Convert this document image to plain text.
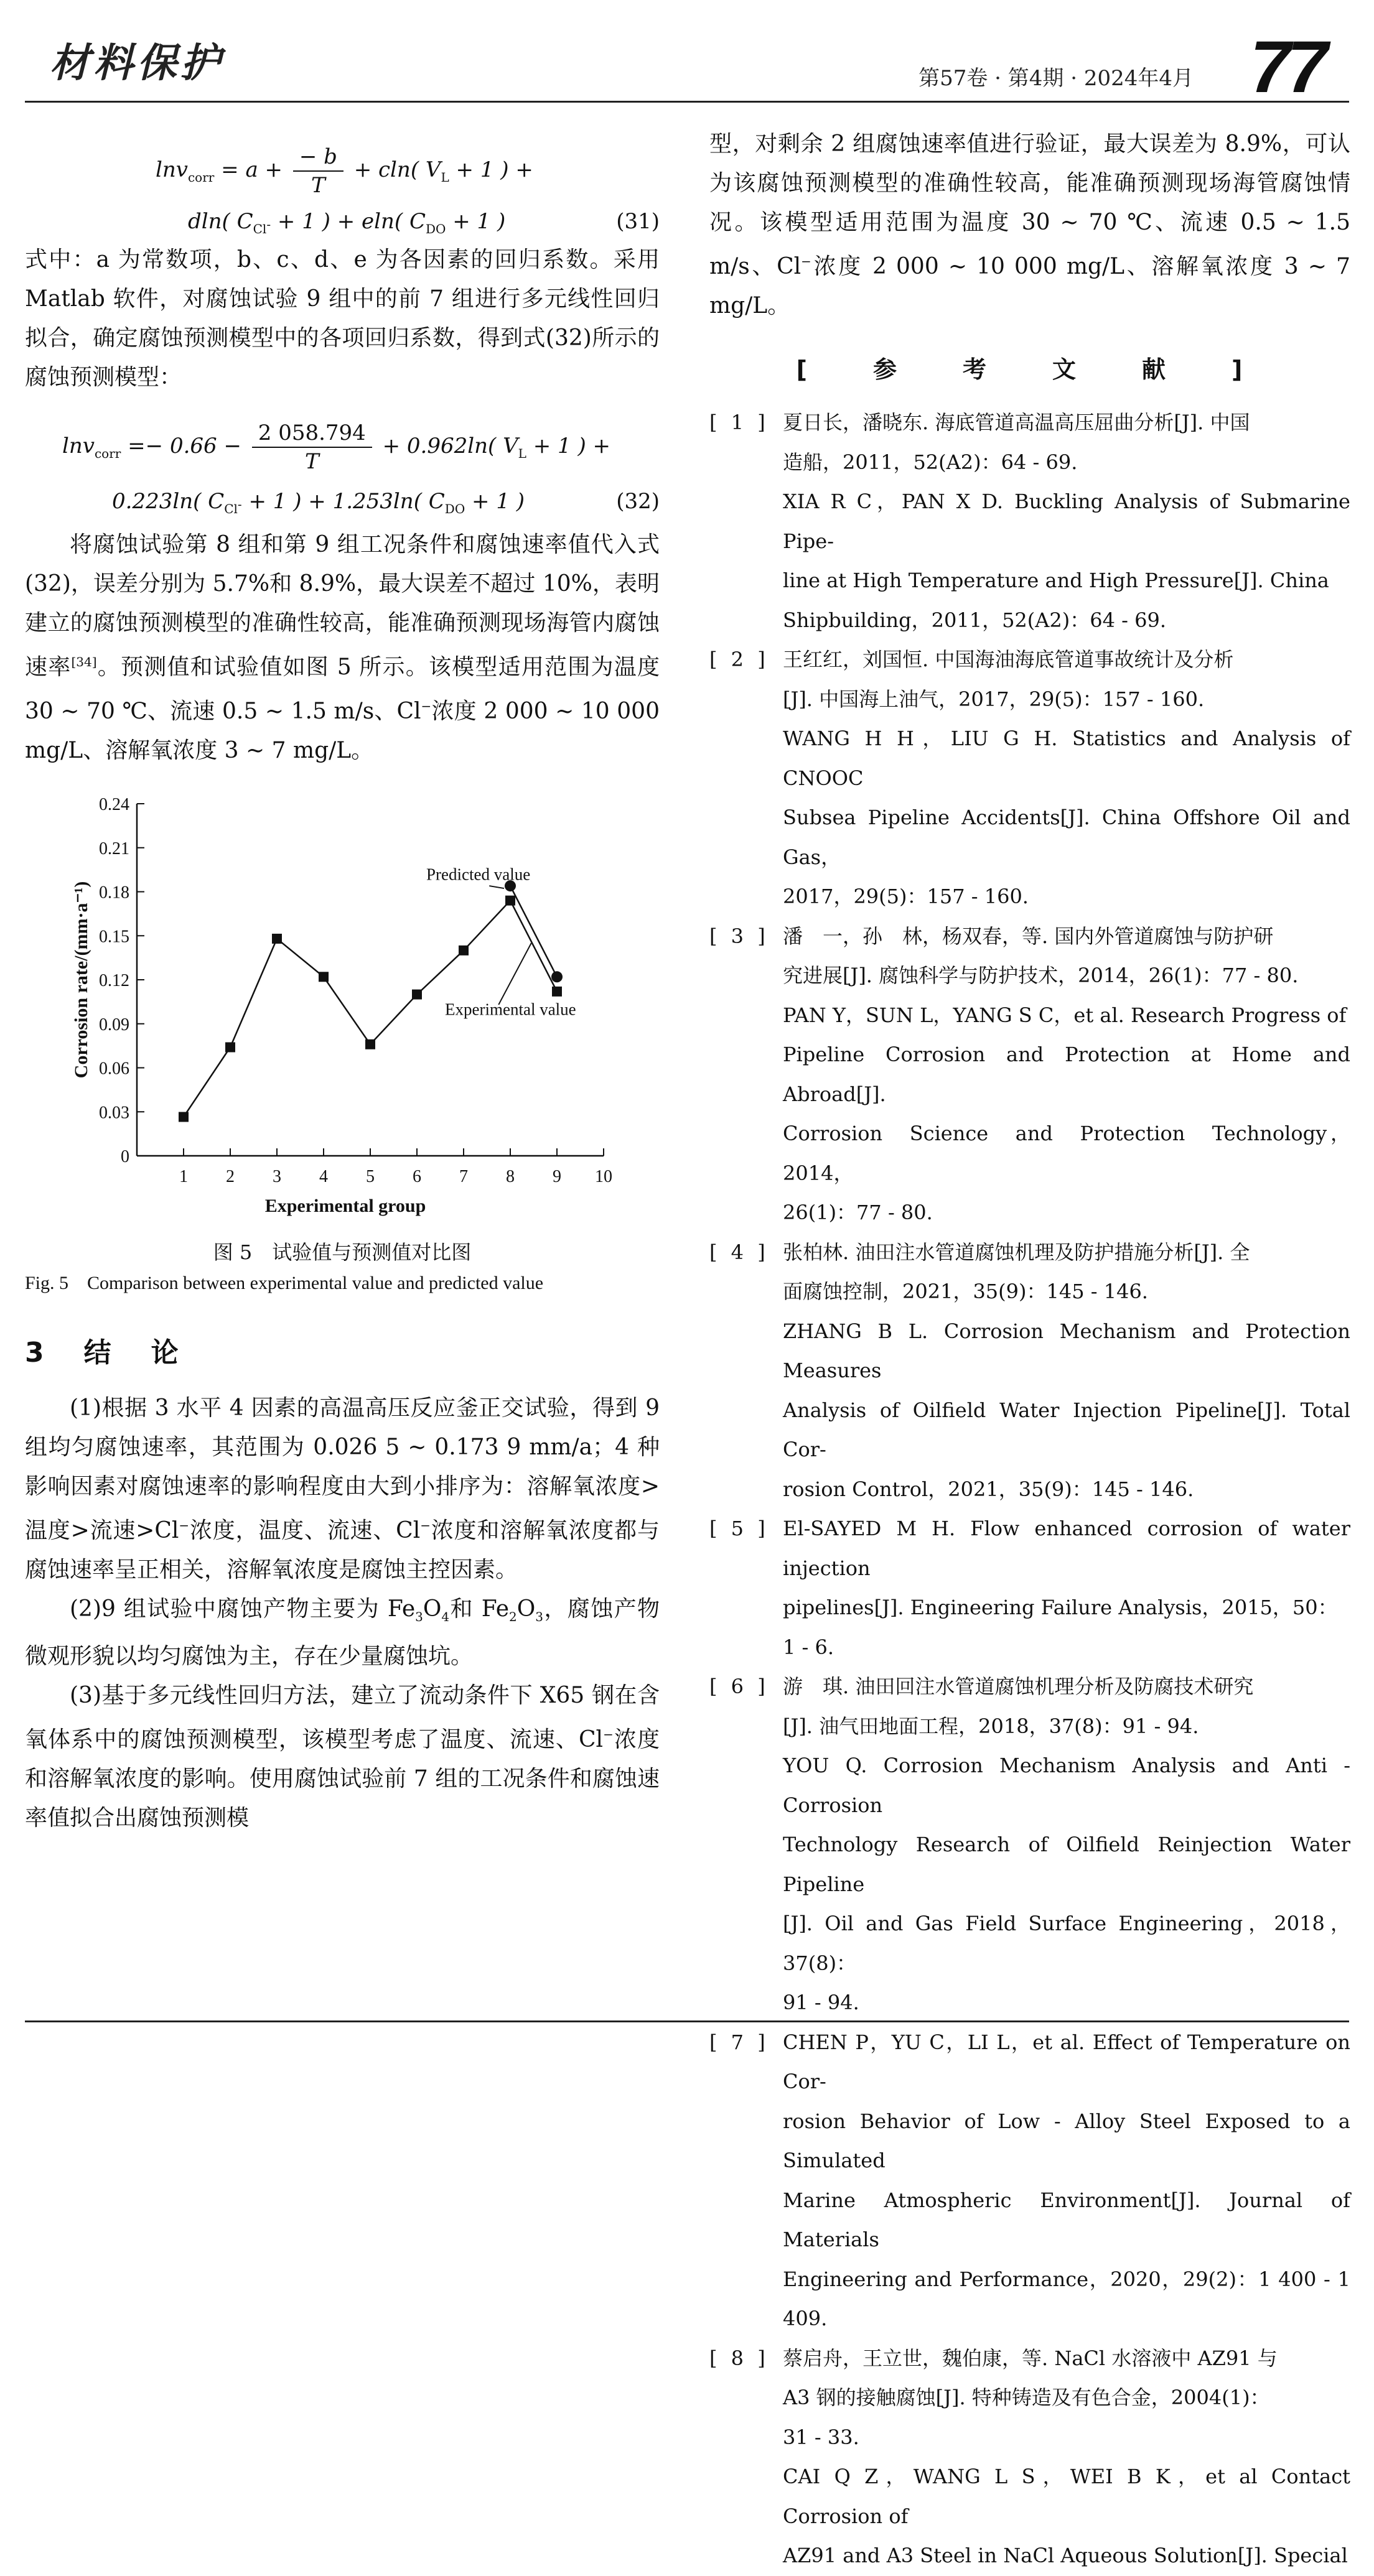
材料保护	第57卷 · 第4期 · 2024年4月 77
$\ln v_{corr} = a + \frac{- b}{T} + cln$( $V_L + 1$ ) +
dln( $C_{Cl^-} + 1$ ) + eln( $C_{DO} + 1$ )	(31)

式中：a 为常数项，b、c、d、e 为各因素的回归系数。采用 Matlab 软件，对腐蚀试验 9 组中的前 7 组进行多元线性回归拟合，确定腐蚀预测模型中的各项回归系数，得到式(32)所示的腐蚀预测模型：

$\ln v_{corr} =- 0.66 - \frac{2 058.794}{T} + 0.962\ln$( $V_L + 1$ ) +
0.223ln( $C_{Cl^-} + 1$ ) + 1.253ln( $C_{DO} + 1$ )	(32)

将腐蚀试验第 8 组和第 9 组工况条件和腐蚀速率值代入式(32)，误差分别为 5.7%和 8.9%，最大误差不超过 10%，表明建立的腐蚀预测模型的准确性较高，能准确预测现场海管内腐蚀速率[34]。预测值和试验值如图 5 所示。该模型适用范围为温度 30 ~ 70 ℃、流速 0.5 ~ 1.5 m/s、Cl−浓度 2 000 ~ 10 000 mg/L、溶解氧浓度 3 ~ 7 mg/L。

0
0.03
0.06
0.09
0.12
0.15
0.18
0.21
0.24
1 2 3 4 5 6 7 8 9 10
Experimental group
Corrosion rate/(mm·a⁻¹)
Predicted value
Experimental value
图 5　试验值与预测值对比图
Fig. 5　Comparison between experimental value and predicted value
3　结　论

(1)根据 3 水平 4 因素的高温高压反应釜正交试验，得到 9 组均匀腐蚀速率，其范围为 0.026 5 ~ 0.173 9 mm/a；4 种影响因素对腐蚀速率的影响程度由大到小排序为：溶解氧浓度>温度>流速>Cl−浓度，温度、流速、Cl−浓度和溶解氧浓度都与腐蚀速率呈正相关，溶解氧浓度是腐蚀主控因素。

(2)9 组试验中腐蚀产物主要为 $Fe_3O_4$和 $Fe_2O_3$，腐蚀产物微观形貌以均匀腐蚀为主，存在少量腐蚀坑。

(3)基于多元线性回归方法，建立了流动条件下 X65 钢在含氧体系中的腐蚀预测模型，该模型考虑了温度、流速、Cl−浓度和溶解氧浓度的影响。使用腐蚀试验前 7 组的工况条件和腐蚀速率值拟合出腐蚀预测模

型，对剩余 2 组腐蚀速率值进行验证，最大误差为 8.9%，可认为该腐蚀预测模型的准确性较高，能准确预测现场海管腐蚀情况。该模型适用范围为温度 30 ~ 70 ℃、流速 0.5 ~ 1.5 m/s、Cl−浓度 2 000 ~ 10 000 mg/L、溶解氧浓度 3 ~ 7 mg/L。

[　参　考　文　献　]
[ 1 ] 夏日长，潘晓东. 海底管道高温高压屈曲分析[J]. 中国
造船，2011，52(A2)：64 - 69.
XIA R C，PAN X D. Buckling Analysis of Submarine Pipe-
line at High Temperature and High Pressure[J]. China
Shipbuilding，2011，52(A2)：64 - 69.
[ 2 ] 王红红，刘国恒. 中国海油海底管道事故统计及分析
[J]. 中国海上油气，2017，29(5)：157 - 160.
WANG H H，LIU G H. Statistics and Analysis of CNOOC
Subsea Pipeline Accidents[J]. China Offshore Oil and Gas，
2017，29(5)：157 - 160.
[ 3 ] 潘　一，孙　林，杨双春，等. 国内外管道腐蚀与防护研
究进展[J]. 腐蚀科学与防护技术，2014，26(1)：77 - 80.
PAN Y，SUN L，YANG S C，et al. Research Progress of
Pipeline Corrosion and Protection at Home and Abroad[J].
Corrosion　Science　and　Protection　Technology，2014，
26(1)：77 - 80.
[ 4 ] 张柏林. 油田注水管道腐蚀机理及防护措施分析[J]. 全
面腐蚀控制，2021，35(9)：145 - 146.
ZHANG B L. Corrosion Mechanism and Protection Measures
Analysis of Oilfield Water Injection Pipeline[J]. Total Cor-
rosion Control，2021，35(9)：145 - 146.
[ 5 ] El-SAYED M H. Flow enhanced corrosion of water injection
pipelines[J]. Engineering Failure Analysis，2015，50：
1 - 6.
[ 6 ] 游　琪. 油田回注水管道腐蚀机理分析及防腐技术研究
[J]. 油气田地面工程，2018，37(8)：91 - 94.
YOU Q. Corrosion Mechanism Analysis and Anti - Corrosion
Technology Research of Oilfield Reinjection Water Pipeline
[J]. Oil and Gas Field Surface Engineering，2018，37(8)：
91 - 94.
[ 7 ] CHEN P，YU C，LI L，et al. Effect of Temperature on Cor-
rosion Behavior of Low - Alloy Steel Exposed to a Simulated
Marine Atmospheric Environment[J]. Journal of Materials
Engineering and Performance，2020，29(2)：1 400 - 1 409.
[ 8 ] 蔡启舟，王立世，魏伯康，等. NaCl 水溶液中 AZ91 与
A3 钢的接触腐蚀[J]. 特种铸造及有色合金，2004(1)：
31 - 33.
CAI Q Z，WANG L S，WEI B K，et al Contact Corrosion of
AZ91 and A3 Steel in NaCl Aqueous Solution[J]. Special
